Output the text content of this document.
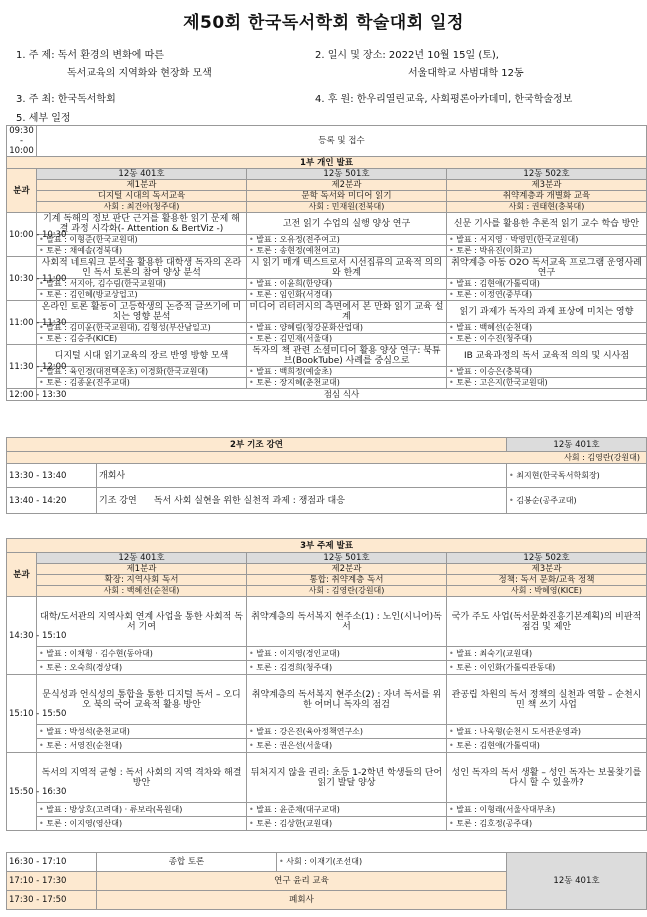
제50회 한국독서학회 학술대회 일정
1. 주 제: 독서 환경의 변화에 따른
독서교육의 지역화와 현장화 모색
2. 일시 및 장소: 2022년 10월 15일 (토),
서울대학교 사범대학 12동
3. 주 최: 한국독서학회	4. 후 원: 한우리열린교육, 사회평론아카데미, 한국학술정보
5. 세부 일정
09:30 - 10:00	등록 및 접수		
1부 개인 발표			
분과	12동 401호	12동 501호	12동 502호
	제1분과	제2분과	제3분과
	디지털 시대의 독서교육	문학 독서와 미디어 읽기	취약계층과 개별화 교육
	사회 : 최건아(청주대)	사회 : 민재원(전북대)	사회 : 권태현(충북대)
10:00 - 10:30	기계 독해의 정보 판단 근거를 활용한 읽기 문제 해결 과정 시각화(- Attention & BertViz -)	고전 읽기 수업의 실행 양상 연구	신문 기사를 활용한 추론적 읽기 교수 학습 방안
	• 발표 : 이형준(한국교원대)	• 발표 : 오유정(전주여고)	• 발표 : 서지영 · 박영민(한국교원대)
	• 토론 : 채예솔(경북대)	• 토론 : 송현정(예천여고)	• 토론 : 박유진(이화고)
10:30 - 11:00	사회적 네트워크 분석을 활용한 대학생 독자의 온라인 독서 토론의 참여 양상 분석	시 읽기 매개 텍스트로서 시선집류의 교육적 의의와 한계	취약계층 아동 O2O 독서교육 프로그램 운영사례 연구
	• 발표 : 서지아, 김수림(한국교원대)	• 발표 : 이윤희(한양대)	• 발표 : 김현애(가톨릭대)
	• 토론 : 김인혜(방교상업고)	• 토론 : 임인화(서경대)	• 토론 : 이정연(중부대)
11:00 - 11:30	온라인 토론 활동이 고등학생의 논증적 글쓰기에 미치는 영향 분석	미디어 리터러시의 측면에서 본 만화 읽기 교육 설계	읽기 과제가 독자의 과제 표상에 미치는 영향
	• 발표 : 김미윤(한국교원대), 김형성(부산남일고)	• 발표 : 양혜림(청강문화산업대)	• 발표 : 백혜선(순천대)
	• 토론 : 김승주(KICE)	• 토론 : 김민재(서울대)	• 토론 : 이수진(청주대)
11:30 - 12:00	디지털 시대 읽기교육의 장르 반영 방향 모색	독자의 책 관련 소셜미디어 활용 양상 연구: 북튜브(BookTube) 사례를 중심으로	IB 교육과정의 독서 교육적 의의 및 시사점
	• 발표 : 육인경(대전택운초) 이경화(한국교원대)	• 발표 : 백희정(예술초)	• 발표 : 이승은(충북대)
	• 토론 : 김종윤(진주교대)	• 토론 : 장지혜(춘천교대)	• 토론 : 고은지(한국교원대)
12:00 - 13:30	점심 식사		
2부 기조 강연		12동 401호
사회 : 김영란(강원대)		
13:30 - 13:40	개회사	• 최지현(한국독서학회장)
13:40 - 14:20	기조 강연 독서 사회 실현을 위한 실천적 과제 : 쟁점과 대응	• 김봉순(공주교대)
3부 주제 발표			
분과	12동 401호	12동 501호	12동 502호
	제1분과	제2분과	제3분과
	확장: 지역사회 독서	통합: 취약계층 독서	정책: 독서 문화/교육 정책
	사회 : 백혜선(순천대)	사회 : 김영란(강원대)	사회 : 박혜영(KICE)
14:30 - 15:10	대학/도서관의 지역사회 연계 사업을 통한 사회적 독서 기여	취약계층의 독서복지 현주소(1) : 노인(시니어)독서	국가 주도 사업(독서문화진흥기본계획)의 비판적 점검 및 제안
	• 발표 : 이채형 · 김수현(동아대)	• 발표 : 이지영(경인교대)	• 발표 : 최숙기(교원대)
	• 토론 : 오숙희(경상대)	• 토론 : 김경희(청주대)	• 토론 : 이인화(가톨릭관동대)
15:10 - 15:50	문식성과 언식성의 통합을 통한 디지털 독서 – 오디오 북의 국어 교육적 활용 방안	취약계층의 독서복지 현주소(2) : 자녀 독서를 위한 어머니 독자의 점검	관공립 차원의 독서 정책의 실천과 역할 – 순천시민 책 쓰기 사업
	• 발표 : 박성석(춘천교대)	• 발표 : 강은진(육아정책연구소)	• 발표 : 나욱형(순천시 도서관운영과)
	• 토론 : 서영진(순천대)	• 토론 : 권은선(서울대)	• 토론 : 김현애(가톨릭대)
15:50 - 16:30	독서의 지역적 균형 : 독서 사회의 지역 격차와 해결 방안	뒤처지지 않을 권리: 초등 1-2학년 학생들의 단어 읽기 발달 양상	성인 독자의 독서 생활 – 성인 독자는 보물찾기를 다시 할 수 있을까?
	• 발표 : 방상호(고려대) · 류보라(목원대)	• 발표 : 윤준채(대구교대)	• 발표 : 이형래(서울사대부초)
	• 토론 : 이지영(영산대)	• 토론 : 김상한(교원대)	• 토론 : 김호정(공주대)
16:30 - 17:10	종합 토론	• 사회 : 이재기(조선대)	12동 401호
17:10 - 17:30	연구 윤리 교육		
17:30 - 17:50	폐회사		
